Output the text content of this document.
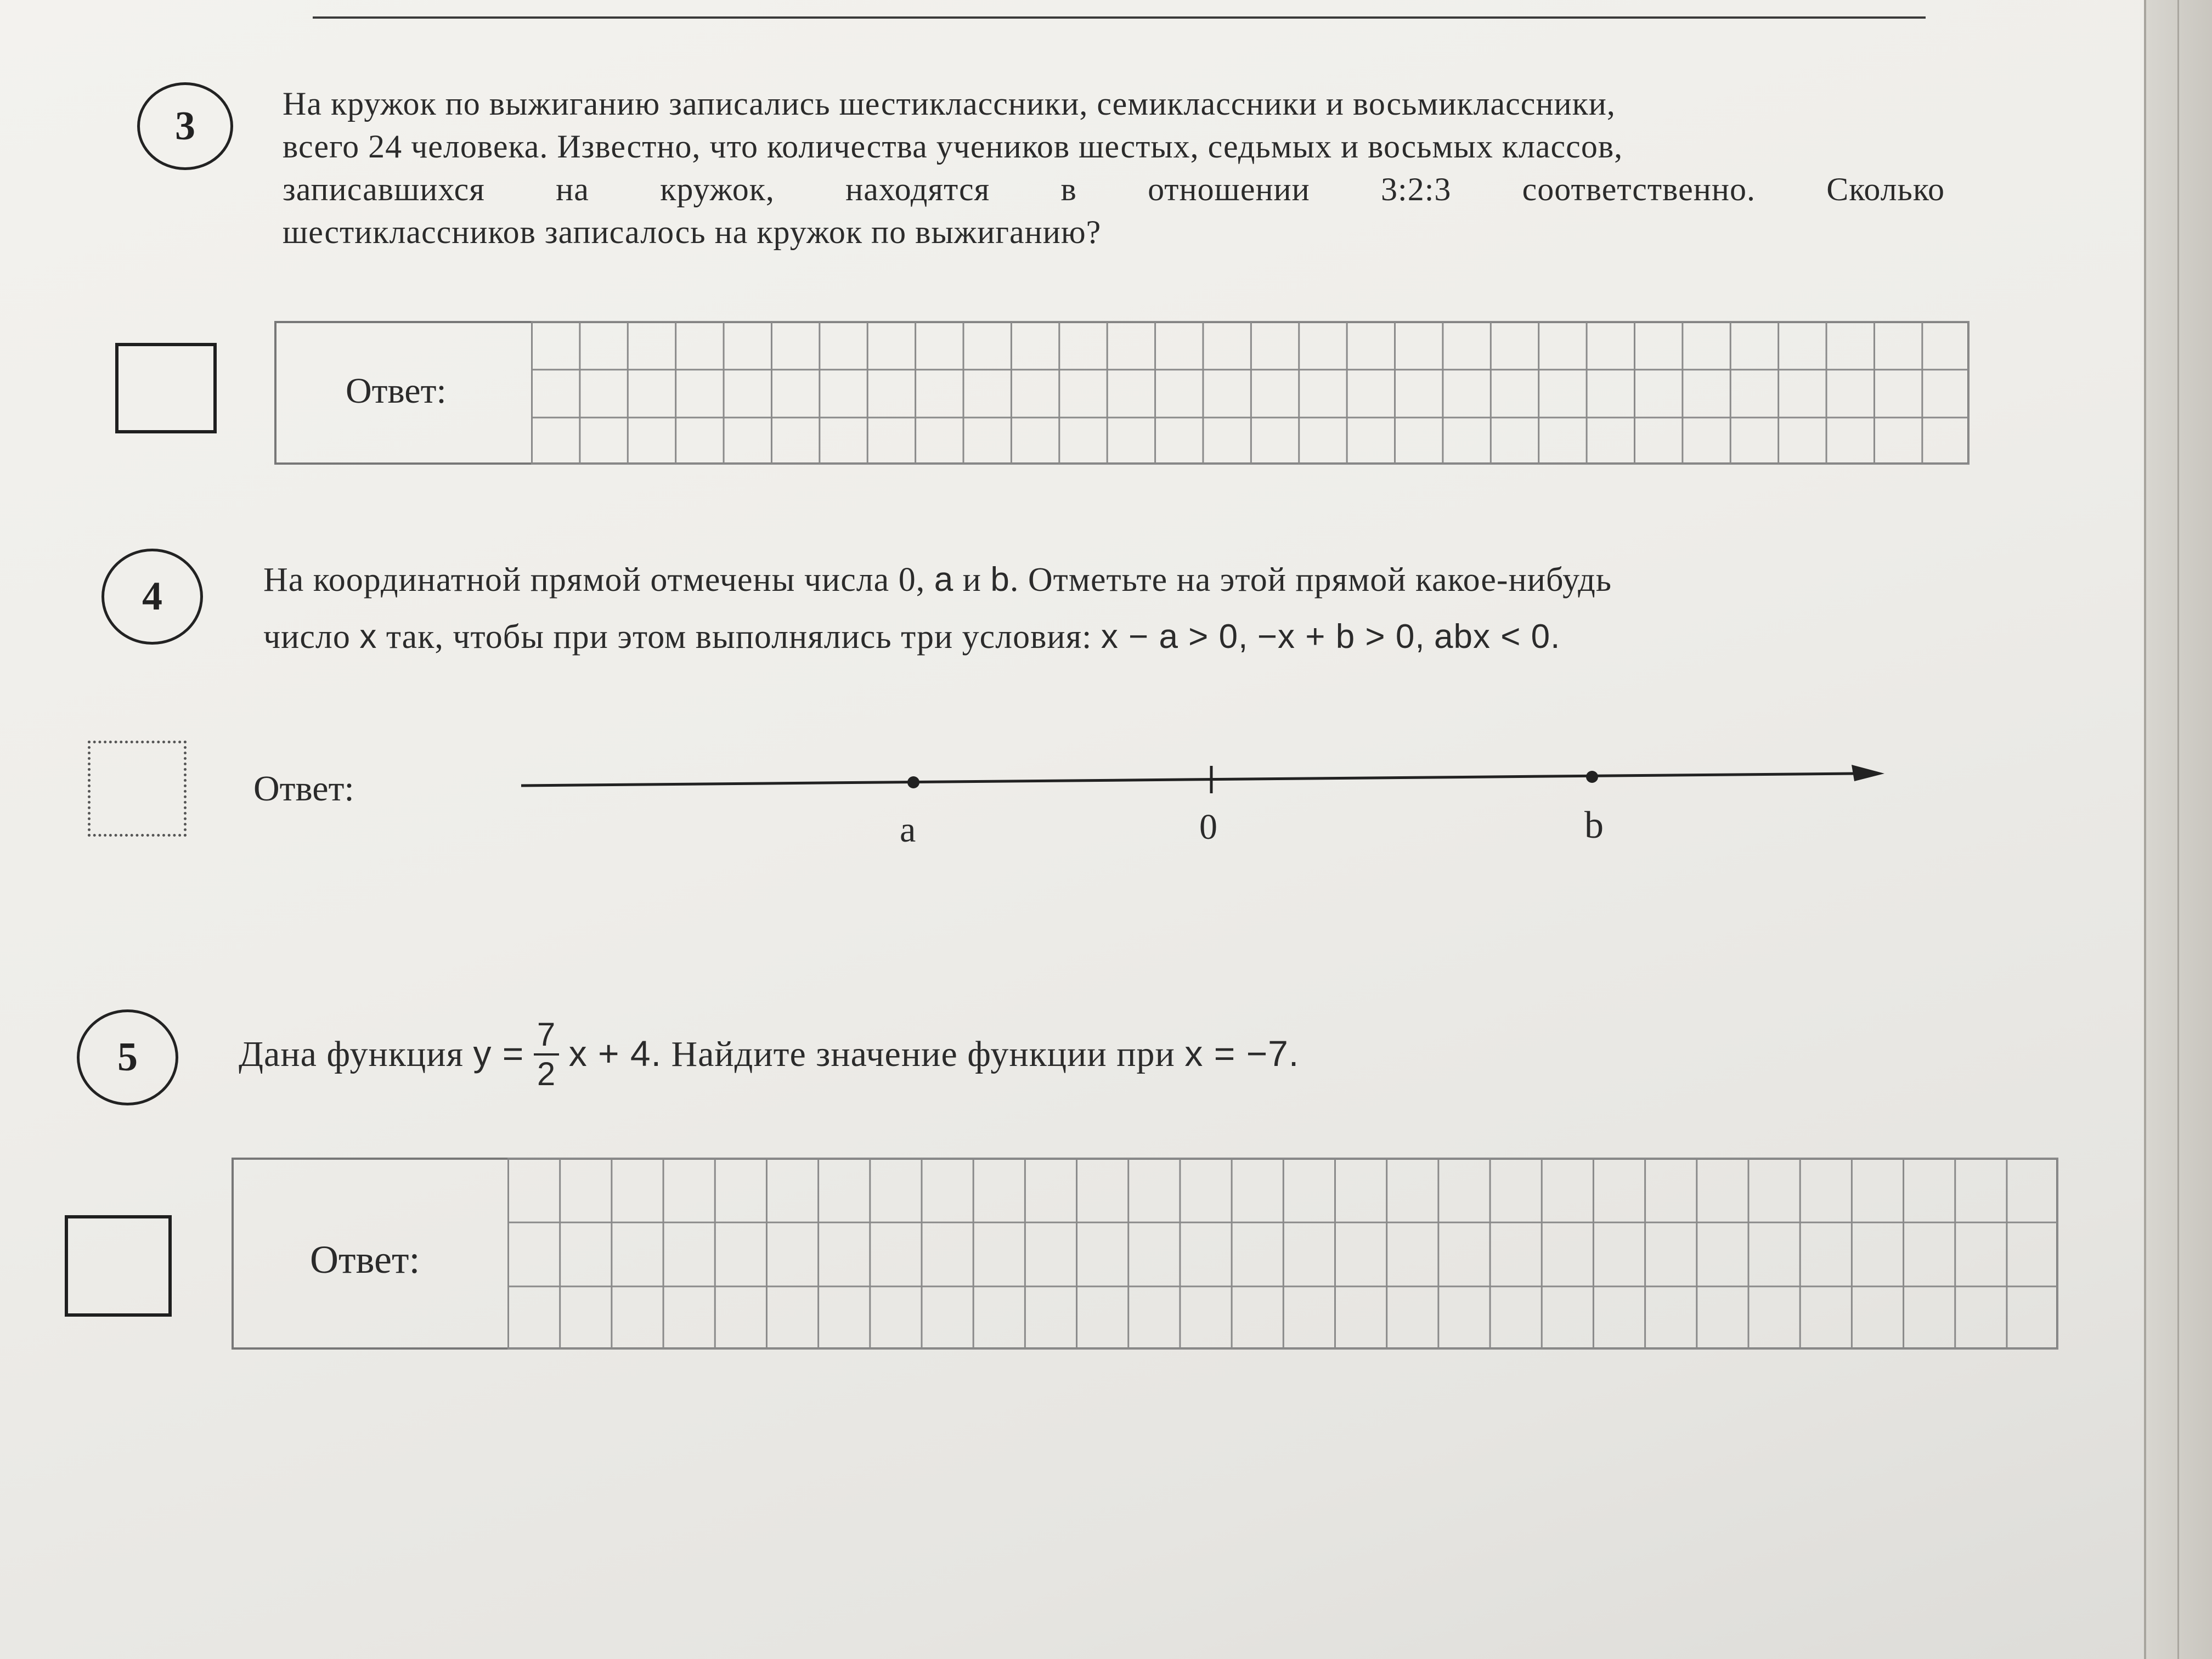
3	На кружок по выжиганию записались шестиклассники, семиклассники и восьмиклассники,
всего 24 человека. Известно, что количества учеников шестых, седьмых и восьмых классов,
записавшихся на кружок, находятся в отношении 3:2:3 соответственно. Сколько
шестиклассников записалось на кружок по выжиганию?
Ответ:
4	На координатной прямой отмечены числа 0, a и b. Отметьте на этой прямой какое-нибудь
число x так, чтобы при этом выполнялись три условия: x − a > 0, −x + b > 0, abx < 0.
Ответ:
a	0	b
5	Дана функция $y = \frac{7}{2}$ x + 4. Найдите значение функции при x = −7.
Ответ:
